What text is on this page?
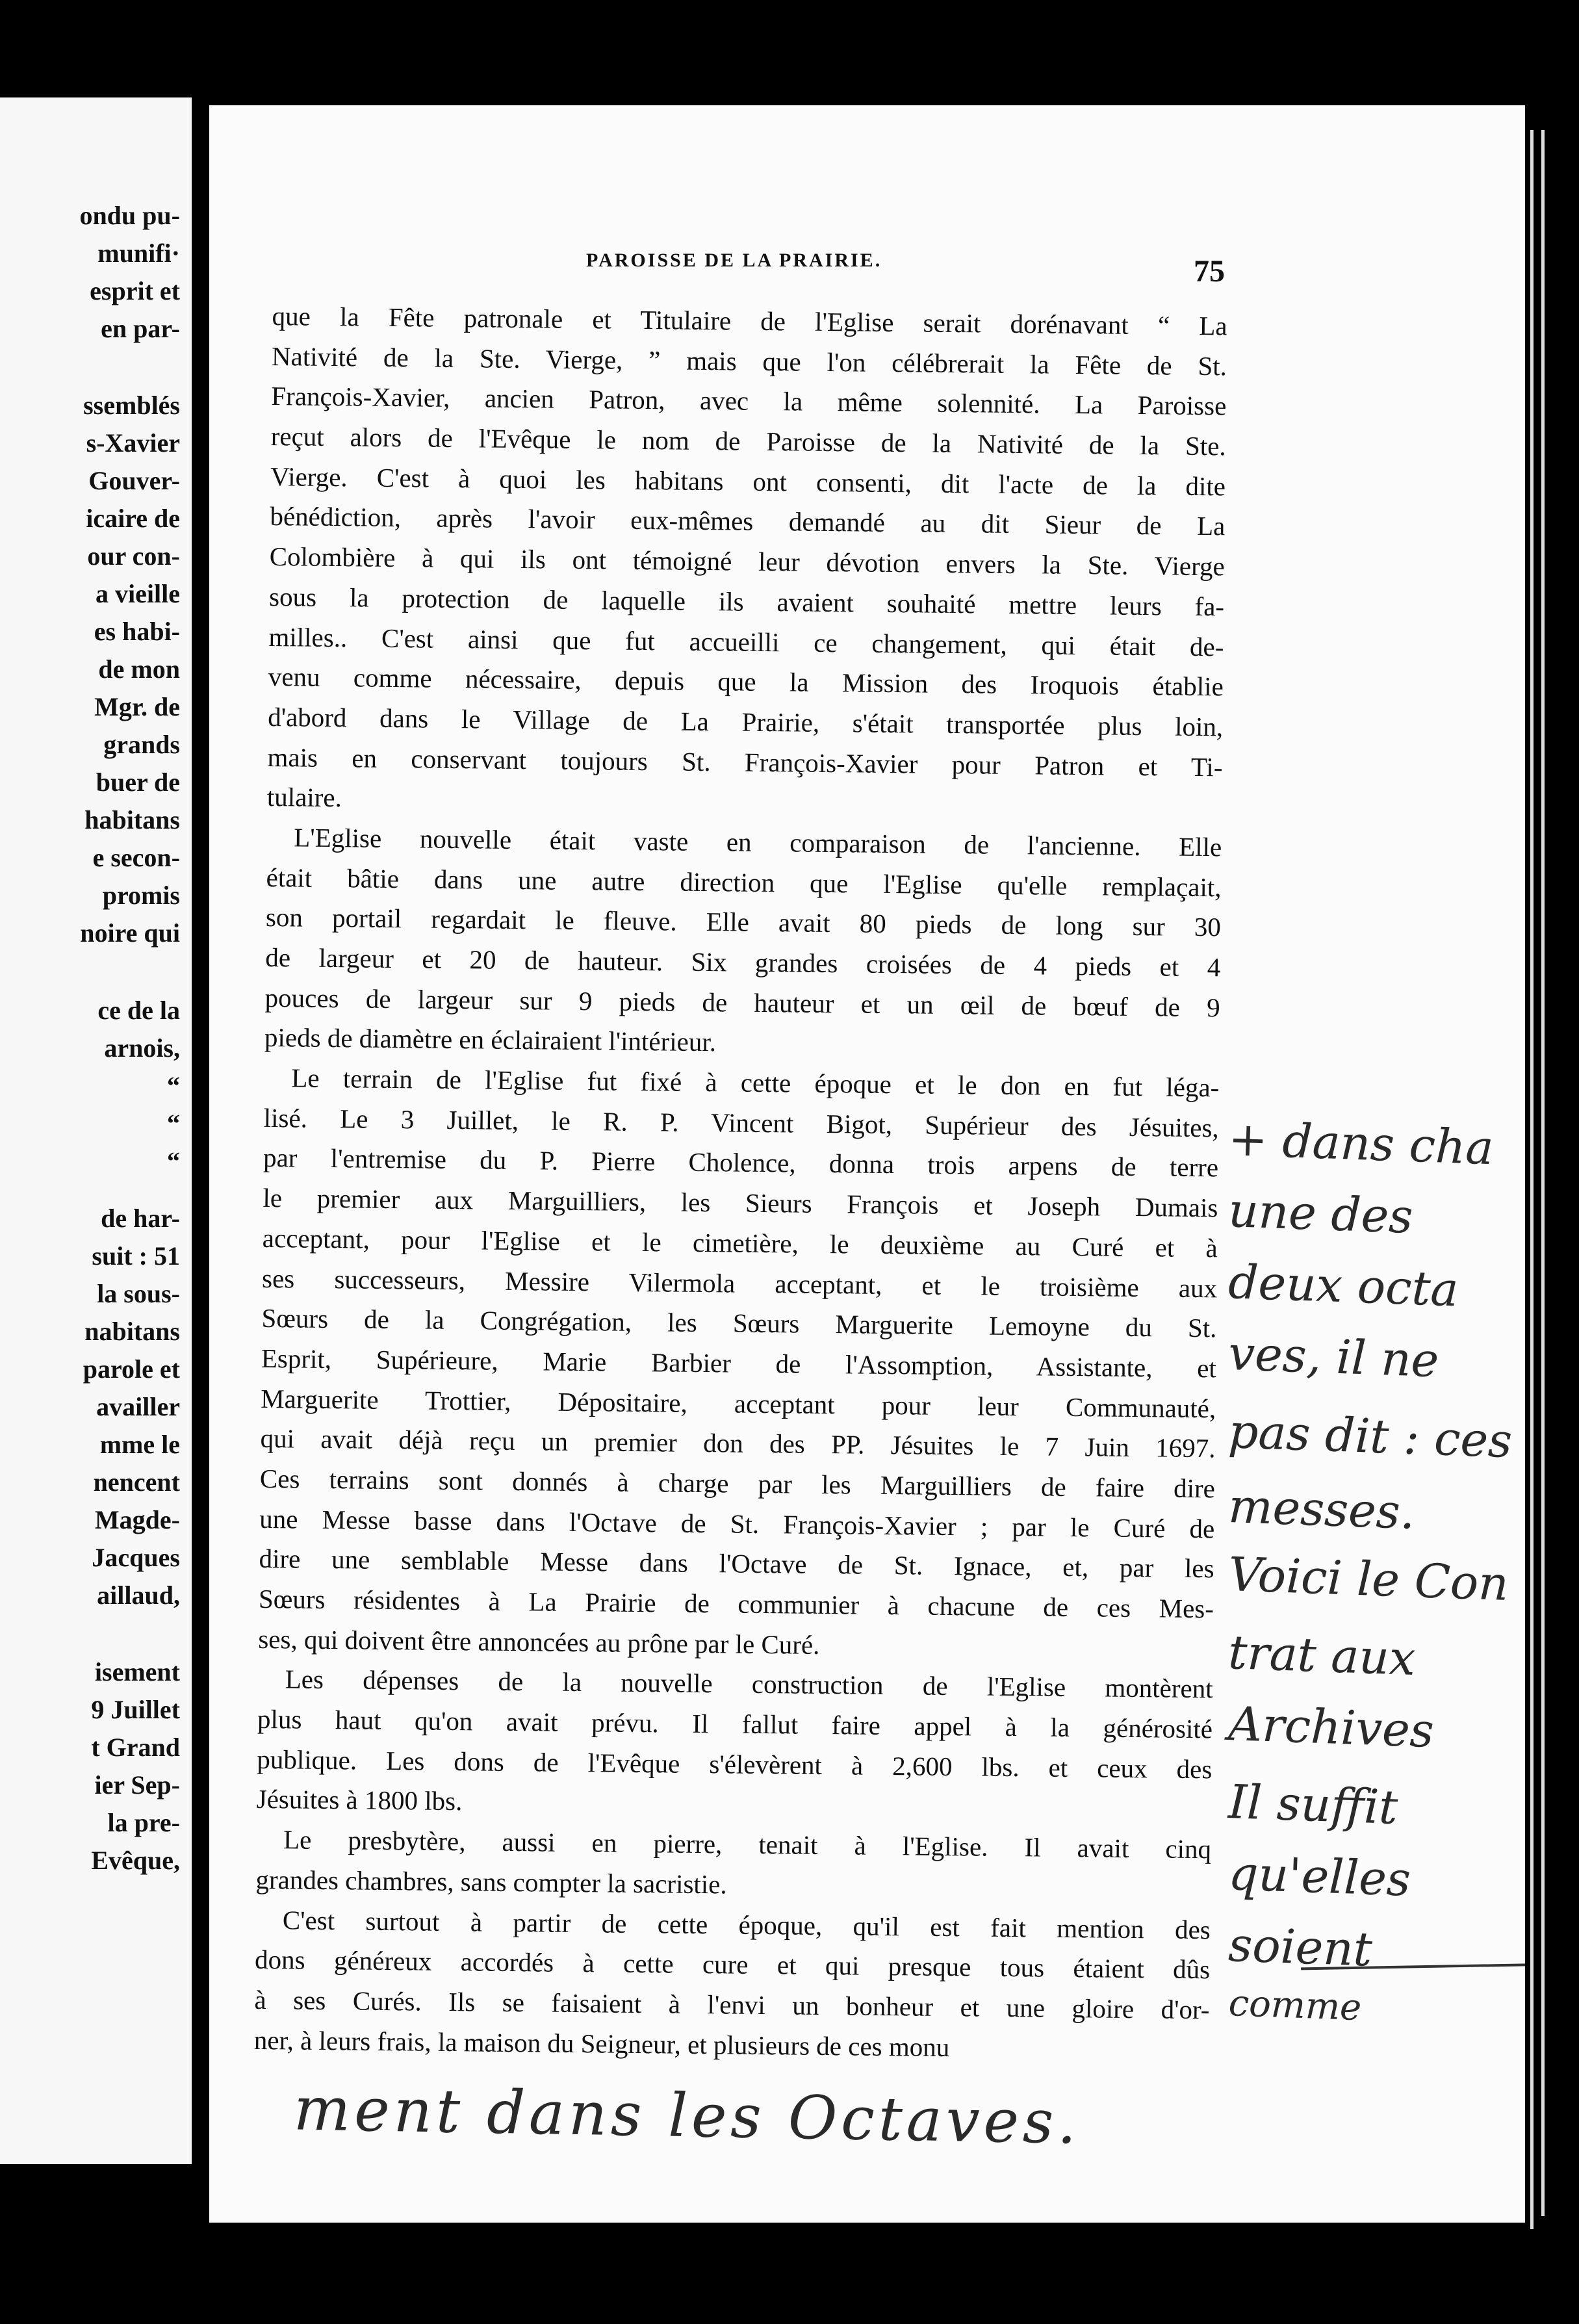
ondu pu-
munifi·
esprit et
en par-
ssemblés
s-Xavier
Gouver-
icaire de
our con-
a vieille
es habi-
de mon
Mgr. de
grands
buer de
habitans
e secon-
promis
noire qui
ce de la
arnois,
“
“
“
de har-
suit : 51
la sous-
nabitans
parole et
availler
mme le
nencent
Magde-
Jacques
aillaud,
isement
9 Juillet
t Grand
ier Sep-
la pre-
Evêque,
PAROISSE DE LA PRAIRIE.	75
que la Fête patronale et Titulaire de l'Eglise serait dorénavant “ La
Nativité de la Ste. Vierge, ” mais que l'on célébrerait la Fête de St.
François-Xavier, ancien Patron, avec la même solennité. La Paroisse
reçut alors de l'Evêque le nom de Paroisse de la Nativité de la Ste.
Vierge. C'est à quoi les habitans ont consenti, dit l'acte de la dite
bénédiction, après l'avoir eux-mêmes demandé au dit Sieur de La
Colombière à qui ils ont témoigné leur dévotion envers la Ste. Vierge
sous la protection de laquelle ils avaient souhaité mettre leurs fa-
milles.. C'est ainsi que fut accueilli ce changement, qui était de-
venu comme nécessaire, depuis que la Mission des Iroquois établie
d'abord dans le Village de La Prairie, s'était transportée plus loin,
mais en conservant toujours St. François-Xavier pour Patron et Ti-
tulaire.
L'Eglise nouvelle était vaste en comparaison de l'ancienne. Elle
était bâtie dans une autre direction que l'Eglise qu'elle remplaçait,
son portail regardait le fleuve. Elle avait 80 pieds de long sur 30
de largeur et 20 de hauteur. Six grandes croisées de 4 pieds et 4
pouces de largeur sur 9 pieds de hauteur et un œil de bœuf de 9
pieds de diamètre en éclairaient l'intérieur.
Le terrain de l'Eglise fut fixé à cette époque et le don en fut léga-
lisé. Le 3 Juillet, le R. P. Vincent Bigot, Supérieur des Jésuites,
par l'entremise du P. Pierre Cholence, donna trois arpens de terre
le premier aux Marguilliers, les Sieurs François et Joseph Dumais
acceptant, pour l'Eglise et le cimetière, le deuxième au Curé et à
ses successeurs, Messire Vilermola acceptant, et le troisième aux
Sœurs de la Congrégation, les Sœurs Marguerite Lemoyne du St.
Esprit, Supérieure, Marie Barbier de l'Assomption, Assistante, et
Marguerite Trottier, Dépositaire, acceptant pour leur Communauté,
qui avait déjà reçu un premier don des PP. Jésuites le 7 Juin 1697.
Ces terrains sont donnés à charge par les Marguilliers de faire dire
une Messe basse dans l'Octave de St. François-Xavier ; par le Curé de
dire une semblable Messe dans l'Octave de St. Ignace, et, par les
Sœurs résidentes à La Prairie de communier à chacune de ces Mes-
ses, qui doivent être annoncées au prône par le Curé.
Les dépenses de la nouvelle construction de l'Eglise montèrent
plus haut qu'on avait prévu. Il fallut faire appel à la générosité
publique. Les dons de l'Evêque s'élevèrent à 2,600 lbs. et ceux des
Jésuites à 1800 lbs.
Le presbytère, aussi en pierre, tenait à l'Eglise. Il avait cinq
grandes chambres, sans compter la sacristie.
C'est surtout à partir de cette époque, qu'il est fait mention des
dons généreux accordés à cette cure et qui presque tous étaient dûs
à ses Curés. Ils se faisaient à l'envi un bonheur et une gloire d'or-
ner, à leurs frais, la maison du Seigneur, et plusieurs de ces monu
+ dans cha
une des
deux octa
ves, il ne
pas dit : ces
messes.
Voici le Con
trat aux
Archives
Il suffit
qu'elles
soient
comme
ment dans les Octaves.
